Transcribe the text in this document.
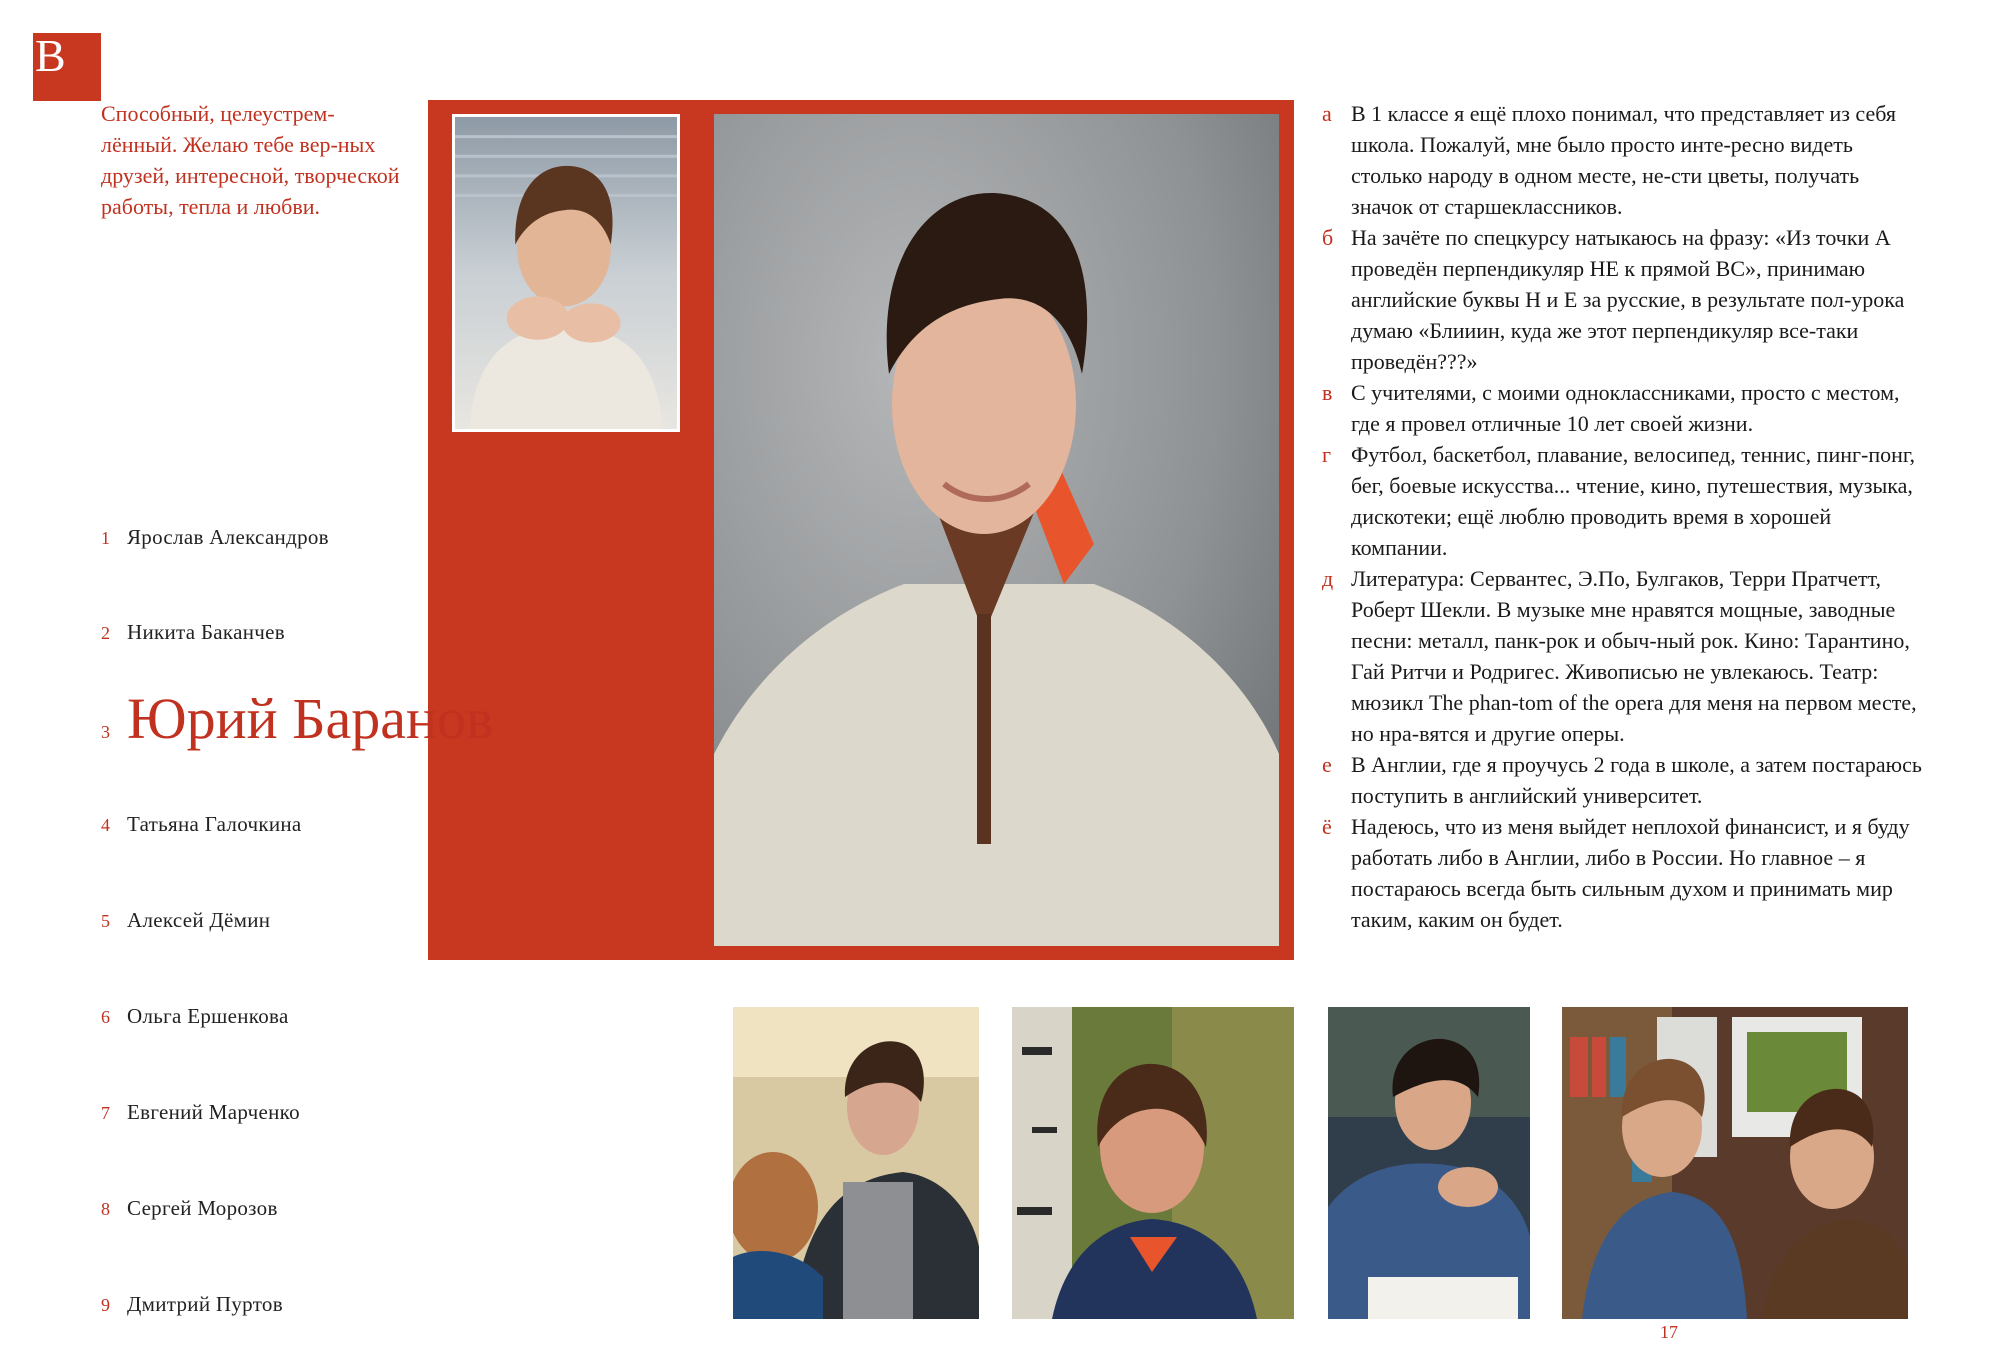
В
Способный, целеустрем-лённый. Желаю тебе вер-ных друзей, интересной, творческой работы, тепла и любви.
1 Ярослав Александров
2 Никита Баканчев
3 Юрий Баранов
4 Татьяна Галочкина
5 Алексей Дёмин
6 Ольга Ершенкова
7 Евгений Марченко
8 Сергей Морозов
9 Дмитрий Пуртов
а В 1 классе я ещё плохо понимал, что представляет из себя школа. Пожалуй, мне было просто инте-ресно видеть столько народу в одном месте, не-сти цветы, получать значок от старшеклассников.
б На зачёте по спецкурсу натыкаюсь на фразу: «Из точки А проведён перпендикуляр НЕ к прямой ВС», принимаю английские буквы Н и Е за русские, в результате пол-урока думаю «Блииин, куда же этот перпендикуляр все-таки проведён???»
в С учителями, с моими одноклассниками, просто с местом, где я провел отличные 10 лет своей жизни.
г Футбол, баскетбол, плавание, велосипед, теннис, пинг-понг, бег, боевые искусства... чтение, кино, путешествия, музыка, дискотеки; ещё люблю проводить время в хорошей компании.
д Литература: Сервантес, Э.По, Булгаков, Терри Пратчетт, Роберт Шекли. В музыке мне нравятся мощные, заводные песни: металл, панк-рок и обыч-ный рок. Кино: Тарантино, Гай Ритчи и Родригес. Живописью не увлекаюсь. Театр: мюзикл The phan-tom of the opera для меня на первом месте, но нра-вятся и другие оперы.
е В Англии, где я проучусь 2 года в школе, а затем постараюсь поступить в английский университет.
ё Надеюсь, что из меня выйдет неплохой финансист, и я буду работать либо в Англии, либо в России. Но главное – я постараюсь всегда быть сильным духом и принимать мир таким, каким он будет.
17
